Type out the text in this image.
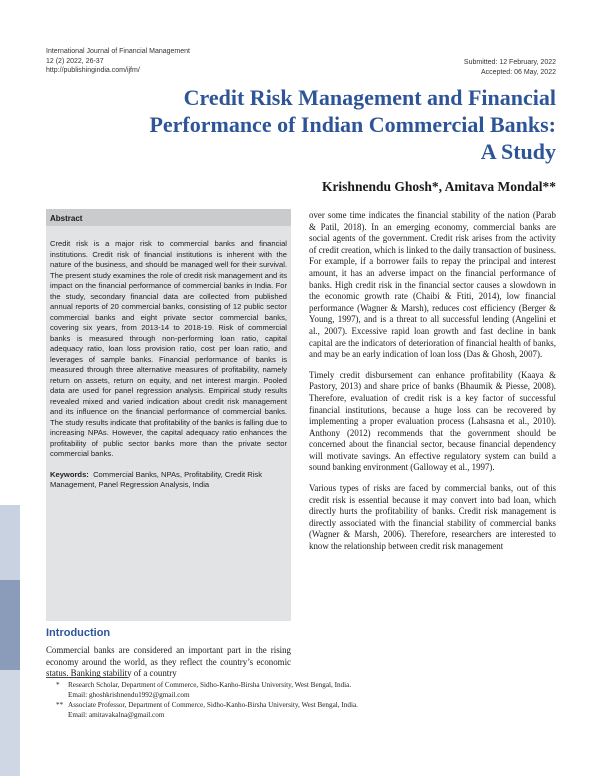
International Journal of Financial Management
12 (2) 2022, 26-37
http://publishingindia.com/ijfm/
Submitted: 12 February, 2022
Accepted: 06 May, 2022
Credit Risk Management and Financial
Performance of Indian Commercial Banks:
A Study
Krishnendu Ghosh*, Amitava Mondal**
Abstract
Credit risk is a major risk to commercial banks and financial institutions. Credit risk of financial institutions is inherent with the nature of the business, and should be managed well for their survival. The present study examines the role of credit risk management and its impact on the financial performance of commercial banks in India. For the study, secondary financial data are collected from published annual reports of 20 commercial banks, consisting of 12 public sector commercial banks and eight private sector commercial banks, covering six years, from 2013-14 to 2018-19. Risk of commercial banks is measured through non-performing loan ratio, capital adequacy ratio, loan loss provision ratio, cost per loan ratio, and leverages of sample banks. Financial performance of banks is measured through three alternative measures of profitability, namely return on assets, return on equity, and net interest margin. Pooled data are used for panel regression analysis. Empirical study results revealed mixed and varied indication about credit risk management and its influence on the financial performance of commercial banks. The study results indicate that profitability of the banks is falling due to increasing NPAs. However, the capital adequacy ratio enhances the profitability of public sector banks more than the private sector commercial banks.
Keywords: Commercial Banks, NPAs, Profitability, Credit Risk Management, Panel Regression Analysis, India
Introduction
Commercial banks are considered an important part in the rising economy around the world, as they reflect the country’s economic status. Banking stability of a country

over some time indicates the financial stability of the nation (Parab & Patil, 2018). In an emerging economy, commercial banks are social agents of the government. Credit risk arises from the activity of credit creation, which is linked to the daily transaction of business. For example, if a borrower fails to repay the principal and interest amount, it has an adverse impact on the financial performance of banks. High credit risk in the financial sector causes a slowdown in the economic growth rate (Chaibi & Ftiti, 2014), low financial performance (Wagner & Marsh), reduces cost efficiency (Berger & Young, 1997), and is a threat to all successful lending (Angelini et al., 2007). Excessive rapid loan growth and fast decline in bank capital are the indicators of deterioration of financial health of banks, and may be an early indication of loan loss (Das & Ghosh, 2007).

Timely credit disbursement can enhance profitability (Kaaya & Pastory, 2013) and share price of banks (Bhaumik & Piesse, 2008). Therefore, evaluation of credit risk is a key factor of successful financial institutions, because a huge loss can be recovered by implementing a proper evaluation process (Lahsasna et al., 2010). Anthony (2012) recommends that the government should be concerned about the financial sector, because financial dependency will motivate savings. An effective regulatory system can build a sound banking environment (Galloway et al., 1997).

Various types of risks are faced by commercial banks, out of this credit risk is essential because it may convert into bad loan, which directly hurts the profitability of banks. Credit risk management is directly associated with the financial stability of commercial banks (Wagner & Marsh, 2006). Therefore, researchers are interested to know the relationship between credit risk management

* Research Scholar, Department of Commerce, Sidho-Kanho-Birsha University, West Bengal, India.
Email: ghoshkrishnendu1992@gmail.com
** Associate Professor, Department of Commerce, Sidho-Kanho-Birsha University, West Bengal, India.
Email: amitavakalna@gmail.com
